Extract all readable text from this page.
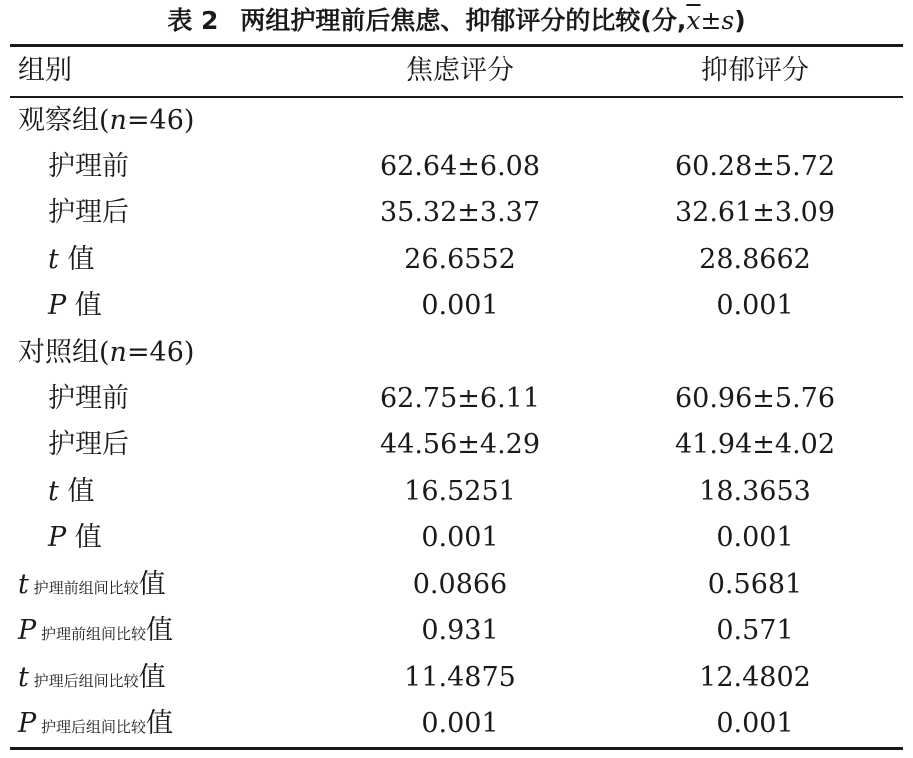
表 2 两组护理前后焦虑、抑郁评分的比较(分$,\overline{x}\pm s$)
组别	焦虑评分	抑郁评分
观察组(n=46)
护理前	62.64±6.08	60.28±5.72
护理后	35.32±3.37	32.61±3.09
t 值	26.6552	28.8662
P 值	0.001	0.001
对照组(n=46)
护理前	62.75±6.11	60.96±5.76
护理后	44.56±4.29	41.94±4.02
t 值	16.5251	18.3653
P 值	0.001	0.001
t 护理前组间比较值	0.0866	0.5681
P 护理前组间比较值	0.931	0.571
t 护理后组间比较值	11.4875	12.4802
P 护理后组间比较值	0.001	0.001
